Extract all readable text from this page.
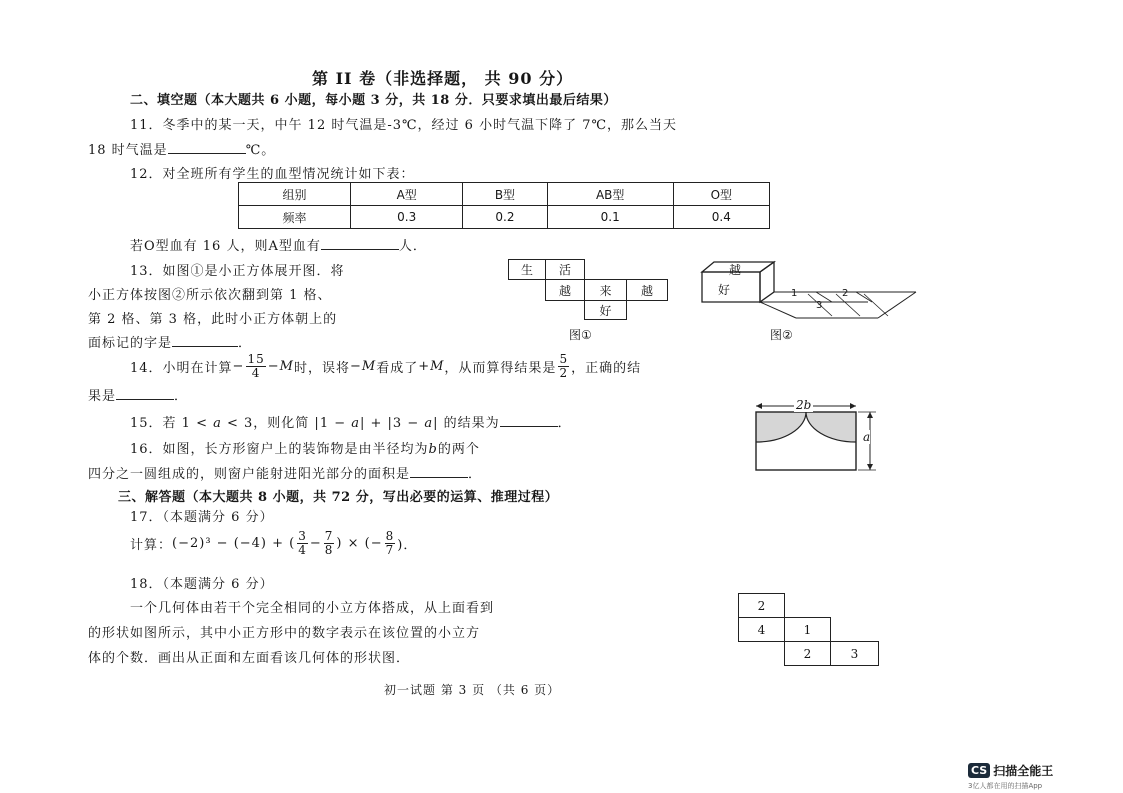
第 II 卷（非选择题， 共 90 分）
二、填空题（本大题共 6 小题，每小题 3 分，共 18 分．只要求填出最后结果）
11．冬季中的某一天，中午 12 时气温是-3℃，经过 6 小时气温下降了 7℃，那么当天
18 时气温是	℃。
12．对全班所有学生的血型情况统计如下表：
组别	A型	B型	AB型	O型
频率	0.3	0.2	0.1	0.4
若O型血有 16 人，则A型血有	人．
13．如图①是小正方体展开图．将
小正方体按图②所示依次翻到第 1 格、
第 2 格、第 3 格，此时小正方体朝上的
面标记的字是	．
生	活
越	来	越
好
图①
越
好	1	2
3
图②
14．小明在计算 − $\frac{15}{4} - M$ 时，误将 − M 看成了 + M ，从而算得结果是 $\frac{5}{2}$ ，正确的结
果是	．
15．若 1 < a < 3，则化简 |1 − a| + |3 − a| 的结果为	．
16．如图，长方形窗户上的装饰物是由半径均为b的两个
四分之一圆组成的，则窗户能射进阳光部分的面积是	．
2b
a
三、解答题（本大题共 8 小题，共 72 分，写出必要的运算、推理过程）
17．（本题满分 6 分）
计算： (−2)³ − (−4) + ( $\frac{3}{4} - \frac{7}{8}$ ) × (− $\frac{8}{7}$ )．
18．（本题满分 6 分）
一个几何体由若干个完全相同的小立方体搭成，从上面看到
的形状如图所示，其中小正方形中的数字表示在该位置的小立方
体的个数．画出从正面和左面看该几何体的形状图．
2
4	1
2	3
初一试题 第 3 页 （共 6 页）
CS 扫描全能王
3亿人都在用的扫描App
